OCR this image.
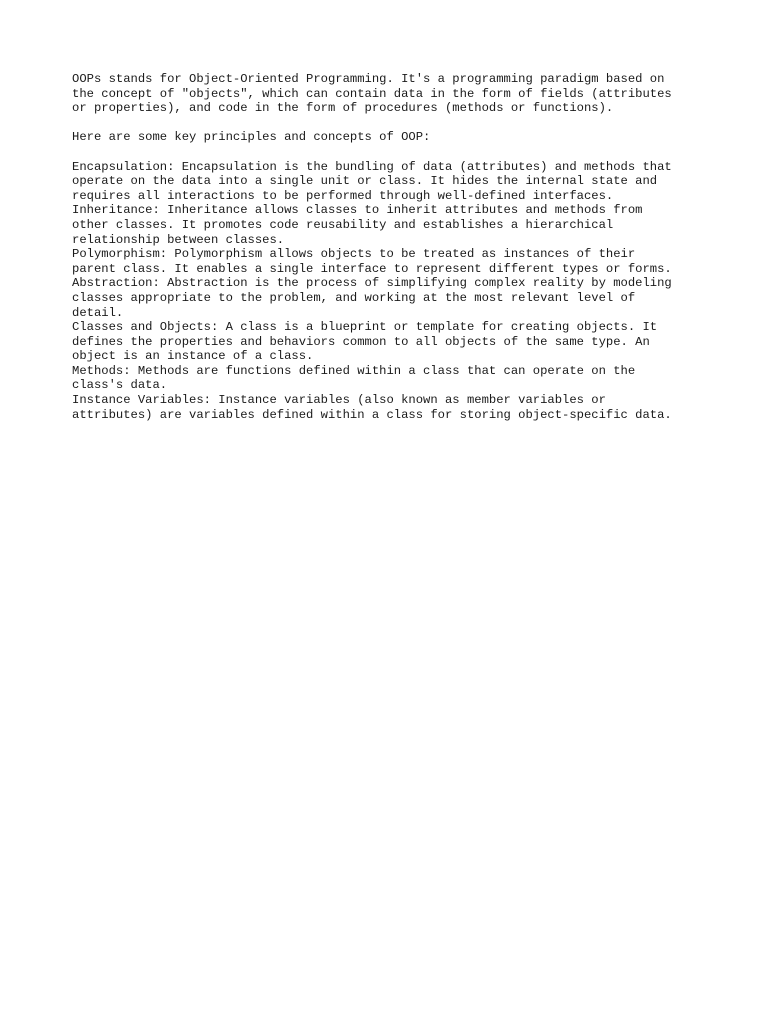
OOPs stands for Object-Oriented Programming. It's a programming paradigm based on

the concept of "objects", which can contain data in the form of fields (attributes

or properties), and code in the form of procedures (methods or functions).

Here are some key principles and concepts of OOP:

Encapsulation: Encapsulation is the bundling of data (attributes) and methods that

operate on the data into a single unit or class. It hides the internal state and

requires all interactions to be performed through well-defined interfaces.

Inheritance: Inheritance allows classes to inherit attributes and methods from

other classes. It promotes code reusability and establishes a hierarchical

relationship between classes.

Polymorphism: Polymorphism allows objects to be treated as instances of their

parent class. It enables a single interface to represent different types or forms.

Abstraction: Abstraction is the process of simplifying complex reality by modeling

classes appropriate to the problem, and working at the most relevant level of

detail.

Classes and Objects: A class is a blueprint or template for creating objects. It

defines the properties and behaviors common to all objects of the same type. An

object is an instance of a class.

Methods: Methods are functions defined within a class that can operate on the

class's data.

Instance Variables: Instance variables (also known as member variables or

attributes) are variables defined within a class for storing object-specific data.
